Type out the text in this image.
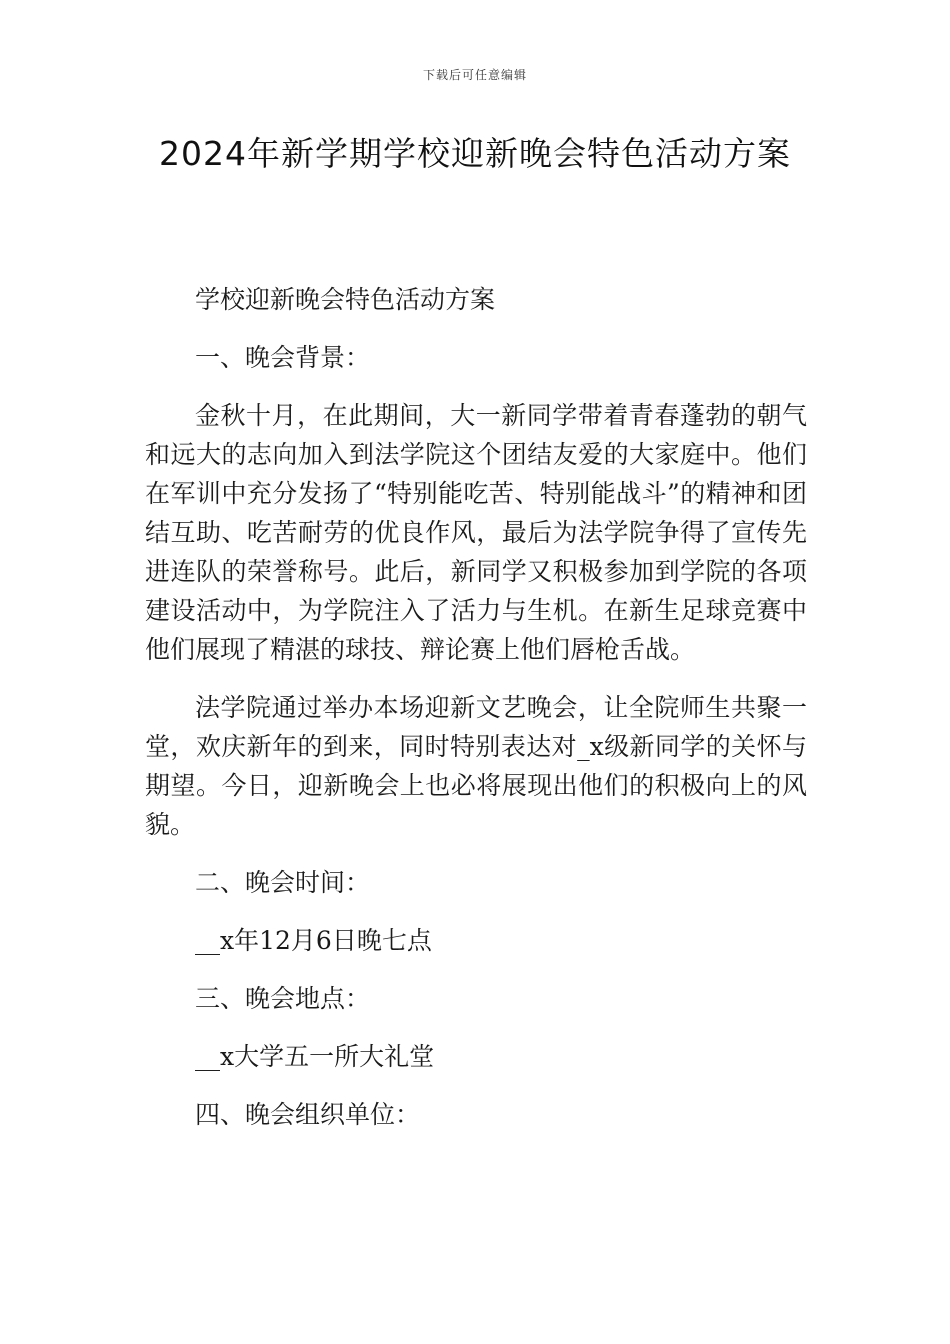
下载后可任意编辑
2024年新学期学校迎新晚会特色活动方案

学校迎新晚会特色活动方案

一、晚会背景：

金秋十月，在此期间，大一新同学带着青春蓬勃的朝气和远大的志向加入到法学院这个团结友爱的大家庭中。他们在军训中充分发扬了“特别能吃苦、特别能战斗”的精神和团结互助、吃苦耐劳的优良作风，最后为法学院争得了宣传先进连队的荣誉称号。此后，新同学又积极参加到学院的各项建设活动中，为学院注入了活力与生机。在新生足球竞赛中他们展现了精湛的球技、辩论赛上他们唇枪舌战。

法学院通过举办本场迎新文艺晚会，让全院师生共聚一堂，欢庆新年的到来，同时特别表达对_x级新同学的关怀与期望。今日，迎新晚会上也必将展现出他们的积极向上的风貌。

二、晚会时间：

__x年12月6日晚七点

三、晚会地点：

__x大学五一所大礼堂

四、晚会组织单位：
